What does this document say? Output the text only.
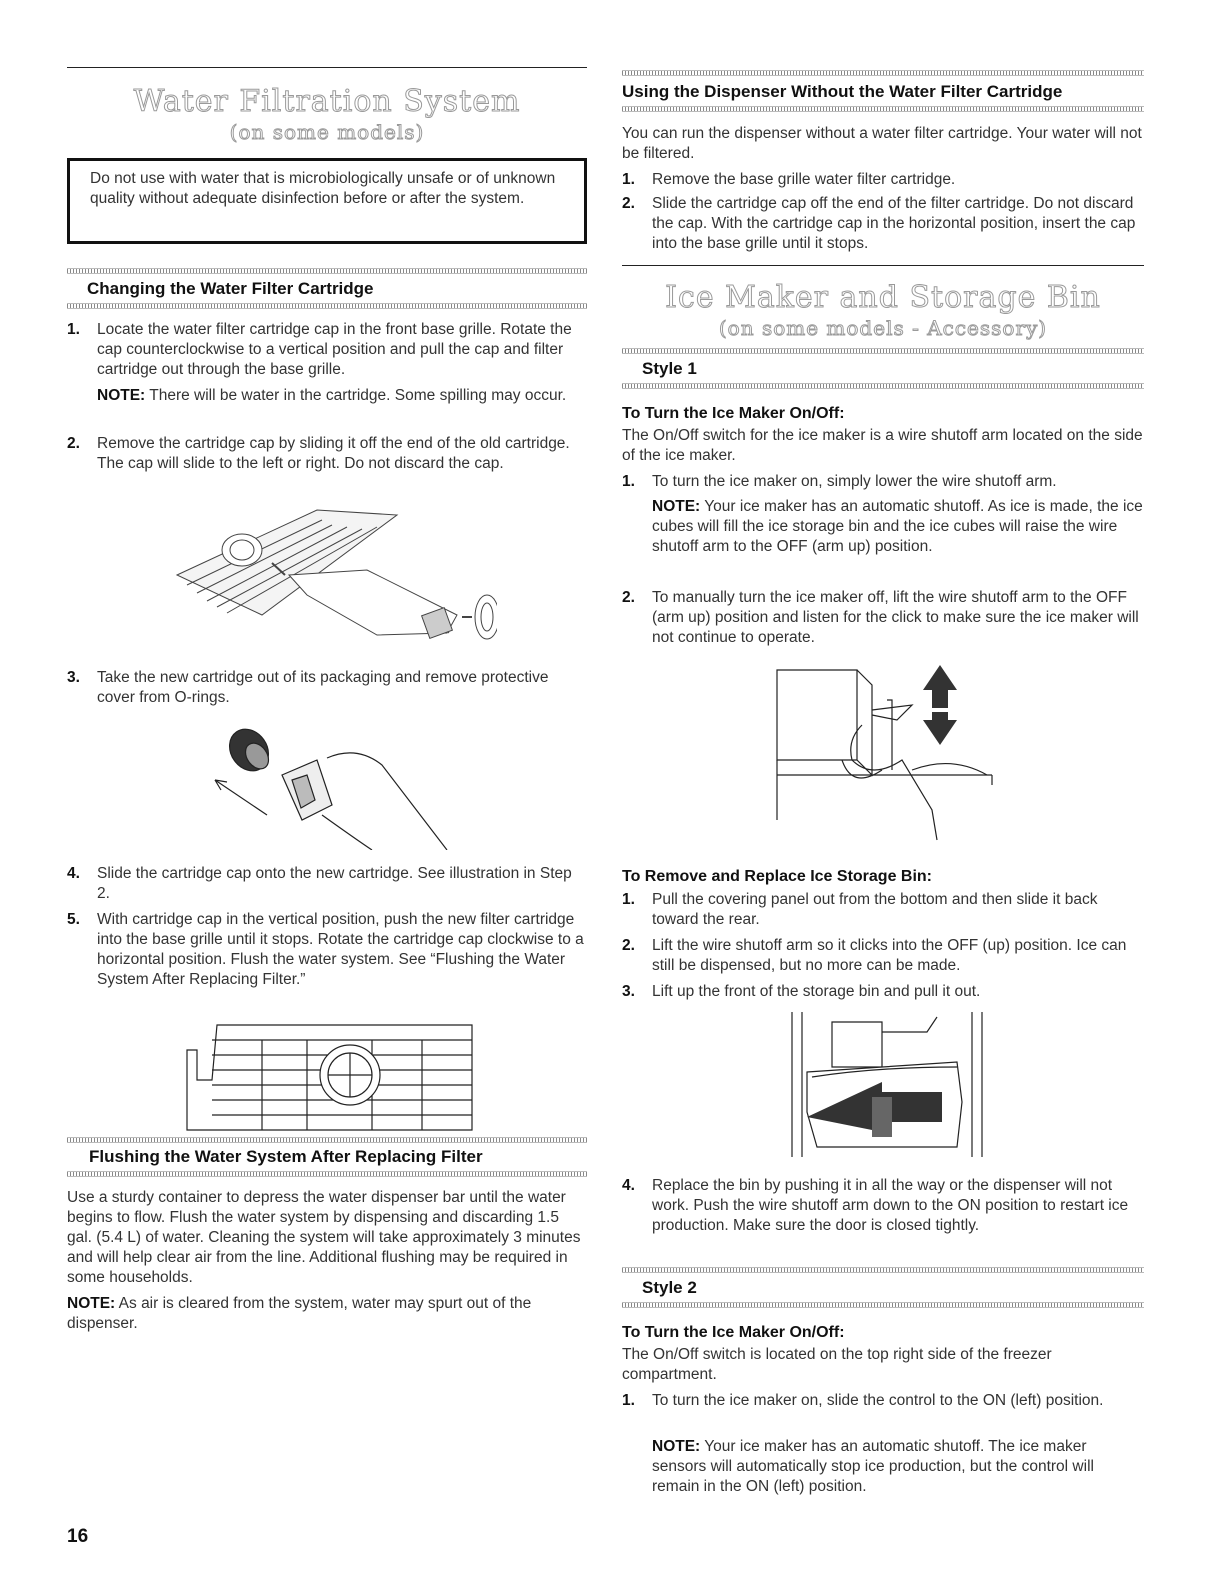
Water Filtration System
(on some models)
Do not use with water that is microbiologically unsafe or of unknown quality without adequate disinfection before or after the system.
Changing the Water Filter Cartridge
1. Locate the water filter cartridge cap in the front base grille. Rotate the cap counterclockwise to a vertical position and pull the cap and filter cartridge out through the base grille.
NOTE: There will be water in the cartridge. Some spilling may occur.
2. Remove the cartridge cap by sliding it off the end of the old cartridge. The cap will slide to the left or right. Do not discard the cap.
3. Take the new cartridge out of its packaging and remove protective cover from O-rings.
4. Slide the cartridge cap onto the new cartridge. See illustration in Step 2.
5. With cartridge cap in the vertical position, push the new filter cartridge into the base grille until it stops. Rotate the cartridge cap clockwise to a horizontal position. Flush the water system. See “Flushing the Water System After Replacing Filter.”
Flushing the Water System After Replacing Filter
Use a sturdy container to depress the water dispenser bar until the water begins to flow. Flush the water system by dispensing and discarding 1.5 gal. (5.4 L) of water. Cleaning the system will take approximately 3 minutes and will help clear air from the line. Additional flushing may be required in some households.
NOTE: As air is cleared from the system, water may spurt out of the dispenser.
Using the Dispenser Without the Water Filter Cartridge
You can run the dispenser without a water filter cartridge. Your water will not be filtered.
1. Remove the base grille water filter cartridge.
2. Slide the cartridge cap off the end of the filter cartridge. Do not discard the cap. With the cartridge cap in the horizontal position, insert the cap into the base grille until it stops.
Ice Maker and Storage Bin
(on some models - Accessory)
Style 1
To Turn the Ice Maker On/Off:
The On/Off switch for the ice maker is a wire shutoff arm located on the side of the ice maker.
1. To turn the ice maker on, simply lower the wire shutoff arm.
NOTE: Your ice maker has an automatic shutoff. As ice is made, the ice cubes will fill the ice storage bin and the ice cubes will raise the wire shutoff arm to the OFF (arm up) position.
2. To manually turn the ice maker off, lift the wire shutoff arm to the OFF (arm up) position and listen for the click to make sure the ice maker will not continue to operate.
To Remove and Replace Ice Storage Bin:
1. Pull the covering panel out from the bottom and then slide it back toward the rear.
2. Lift the wire shutoff arm so it clicks into the OFF (up) position. Ice can still be dispensed, but no more can be made.
3. Lift up the front of the storage bin and pull it out.
4. Replace the bin by pushing it in all the way or the dispenser will not work. Push the wire shutoff arm down to the ON position to restart ice production. Make sure the door is closed tightly.
Style 2
To Turn the Ice Maker On/Off:
The On/Off switch is located on the top right side of the freezer compartment.
1. To turn the ice maker on, slide the control to the ON (left) position.
NOTE: Your ice maker has an automatic shutoff. The ice maker sensors will automatically stop ice production, but the control will remain in the ON (left) position.
16
